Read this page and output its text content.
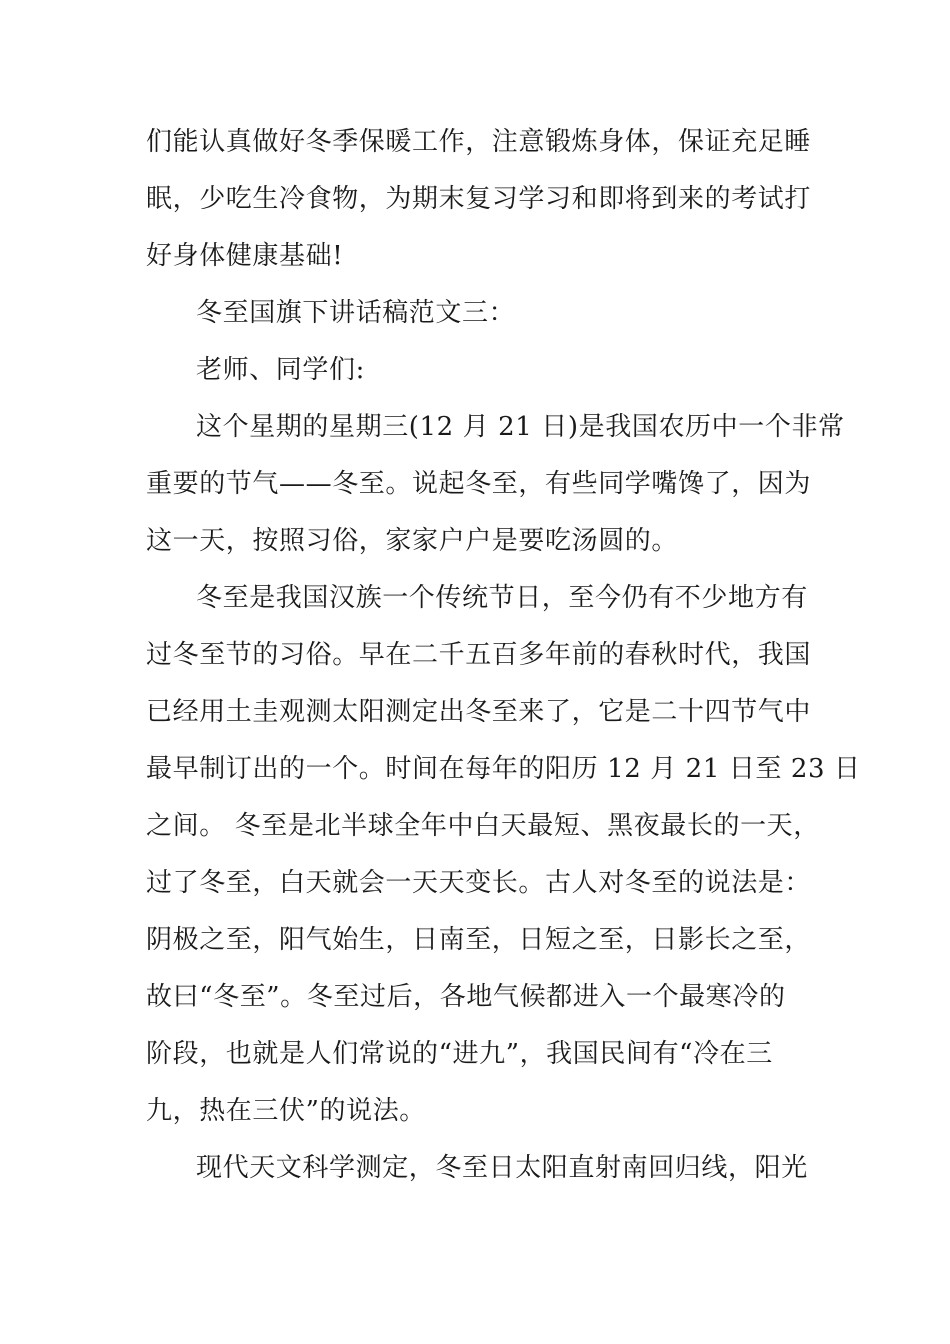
们能认真做好冬季保暖工作，注意锻炼身体，保证充足睡
眠，少吃生冷食物，为期末复习学习和即将到来的考试打
好身体健康基础!
冬至国旗下讲话稿范文三：
老师、同学们:
这个星期的星期三(12 月 21 日)是我国农历中一个非常
重要的节气——冬至。说起冬至，有些同学嘴馋了，因为
这一天，按照习俗，家家户户是要吃汤圆的。
冬至是我国汉族一个传统节日，至今仍有不少地方有
过冬至节的习俗。早在二千五百多年前的春秋时代，我国
已经用土圭观测太阳测定出冬至来了，它是二十四节气中
最早制订出的一个。时间在每年的阳历 12 月 21 日至 23 日
之间。 冬至是北半球全年中白天最短、黑夜最长的一天，
过了冬至，白天就会一天天变长。古人对冬至的说法是：
阴极之至，阳气始生，日南至，日短之至，日影长之至，
故曰“冬至”。冬至过后，各地气候都进入一个最寒冷的
阶段，也就是人们常说的“进九”，我国民间有“冷在三
九，热在三伏”的说法。
现代天文科学测定，冬至日太阳直射南回归线，阳光
